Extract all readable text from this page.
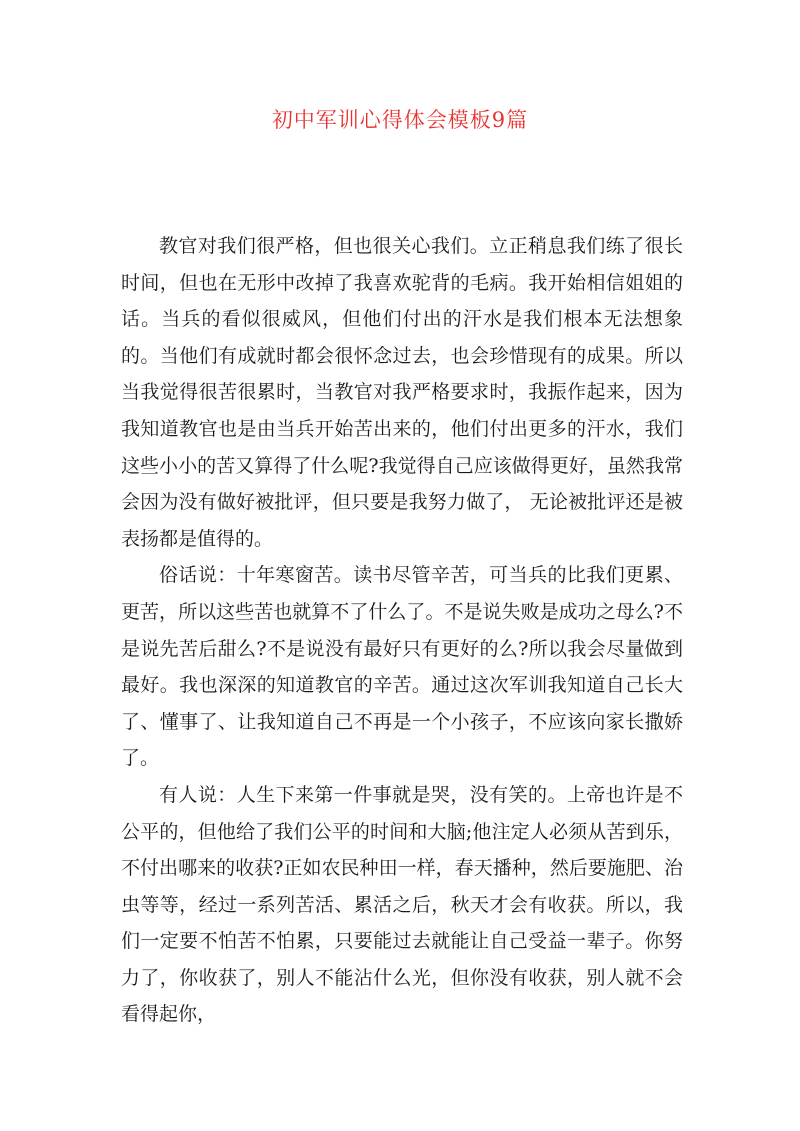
初中军训心得体会模板9篇

教官对我们很严格，但也很关心我们。立正稍息我们练了很长时间，但也在无形中改掉了我喜欢驼背的毛病。我开始相信姐姐的话。当兵的看似很威风，但他们付出的汗水是我们根本无法想象的。当他们有成就时都会很怀念过去，也会珍惜现有的成果。所以当我觉得很苦很累时，当教官对我严格要求时，我振作起来，因为我知道教官也是由当兵开始苦出来的，他们付出更多的汗水，我们这些小小的苦又算得了什么呢?我觉得自己应该做得更好，虽然我常会因为没有做好被批评，但只要是我努力做了， 无论被批评还是被表扬都是值得的。

俗话说：十年寒窗苦。读书尽管辛苦，可当兵的比我们更累、更苦，所以这些苦也就算不了什么了。不是说失败是成功之母么?不是说先苦后甜么?不是说没有最好只有更好的么?所以我会尽量做到最好。我也深深的知道教官的辛苦。通过这次军训我知道自己长大了、懂事了、让我知道自己不再是一个小孩子，不应该向家长撒娇了。

有人说：人生下来第一件事就是哭，没有笑的。上帝也许是不公平的，但他给了我们公平的时间和大脑;他注定人必须从苦到乐，不付出哪来的收获?正如农民种田一样，春天播种，然后要施肥、治虫等等，经过一系列苦活、累活之后，秋天才会有收获。所以，我们一定要不怕苦不怕累，只要能过去就能让自己受益一辈子。你努力了，你收获了，别人不能沾什么光，但你没有收获，别人就不会看得起你，
